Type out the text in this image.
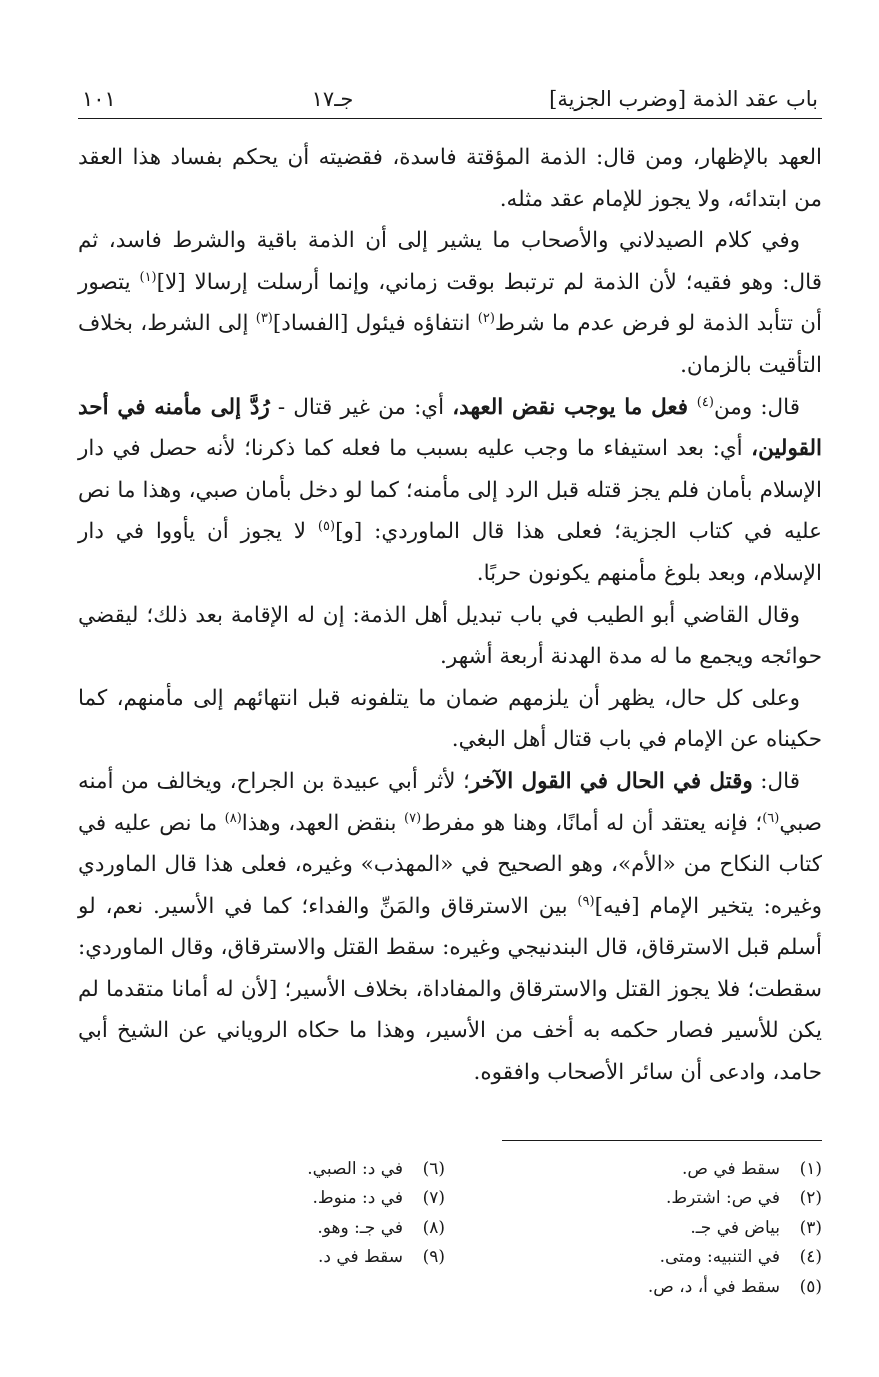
باب عقد الذمة [وضرب الجزية]
جـ١٧
١٠١

العهد بالإظهار، ومن قال: الذمة المؤقتة فاسدة، فقضيته أن يحكم بفساد هذا العقد من ابتدائه، ولا يجوز للإمام عقد مثله.

وفي كلام الصيدلاني والأصحاب ما يشير إلى أن الذمة باقية والشرط فاسد، ثم قال: وهو فقيه؛ لأن الذمة لم ترتبط بوقت زماني، وإنما أرسلت إرسالا [لا]$^{(١)}$ يتصور أن تتأبد الذمة لو فرض عدم ما شرط$^{(٢)}$ انتفاؤه فيئول [الفساد]$^{(٣)}$ إلى الشرط، بخلاف التأقيت بالزمان.

قال: ومن$^{(٤)}$ فعل ما يوجب نقض العهد، أي: من غير قتال - رُدَّ إلى مأمنه في أحد القولين، أي: بعد استيفاء ما وجب عليه بسبب ما فعله كما ذكرنا؛ لأنه حصل في دار الإسلام بأمان فلم يجز قتله قبل الرد إلى مأمنه؛ كما لو دخل بأمان صبي، وهذا ما نص عليه في كتاب الجزية؛ فعلى هذا قال الماوردي: [و]$^{(٥)}$ لا يجوز أن يأووا في دار الإسلام، وبعد بلوغ مأمنهم يكونون حربًا.

وقال القاضي أبو الطيب في باب تبديل أهل الذمة: إن له الإقامة بعد ذلك؛ ليقضي حوائجه ويجمع ما له مدة الهدنة أربعة أشهر.

وعلى كل حال، يظهر أن يلزمهم ضمان ما يتلفونه قبل انتهائهم إلى مأمنهم، كما حكيناه عن الإمام في باب قتال أهل البغي.

قال: وقتل في الحال في القول الآخر؛ لأثر أبي عبيدة بن الجراح، ويخالف من أمنه صبي$^{(٦)}$؛ فإنه يعتقد أن له أمانًا، وهنا هو مفرط$^{(٧)}$ بنقض العهد، وهذا$^{(٨)}$ ما نص عليه في كتاب النكاح من «الأم»، وهو الصحيح في «المهذب» وغيره، فعلى هذا قال الماوردي وغيره: يتخير الإمام [فيه]$^{(٩)}$ بين الاسترقاق والمَنِّ والفداء؛ كما في الأسير. نعم، لو أسلم قبل الاسترقاق، قال البندنيجي وغيره: سقط القتل والاسترقاق، وقال الماوردي: سقطت؛ فلا يجوز القتل والاسترقاق والمفاداة، بخلاف الأسير؛ [لأن له أمانا متقدما لم يكن للأسير فصار حكمه به أخف من الأسير، وهذا ما حكاه الروياني عن الشيخ أبي حامد، وادعى أن سائر الأصحاب وافقوه.

(١)
سقط في ص.
(٢)
في ص: اشترط.
(٣)
بياض في جـ.
(٤)
في التنبيه: ومتى.
(٥)
سقط في أ، د، ص.
(٦)
في د: الصبي.
(٧)
في د: منوط.
(٨)
في جـ: وهو.
(٩)
سقط في د.
